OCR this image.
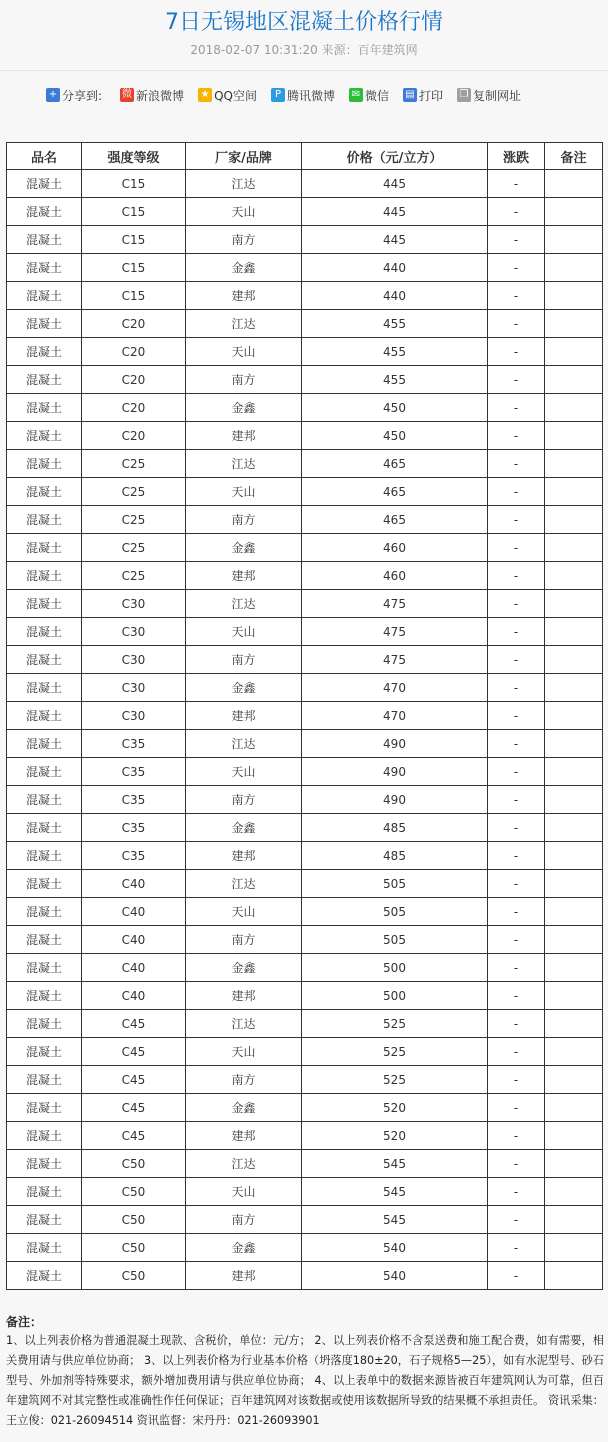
7日无锡地区混凝土价格行情
2018-02-07 10:31:20 来源：百年建筑网
+ 分享到: 微 新浪微博 ★ QQ空间	P 腾讯微博 ✉ 微信 ▤ 打印 ❐ 复制网址
品名	强度等级	厂家/品牌	价格（元/立方）	涨跌	备注
混凝土	C15	江达	445	-	
混凝土	C15	天山	445	-	
混凝土	C15	南方	445	-	
混凝土	C15	金鑫	440	-	
混凝土	C15	建邦	440	-	
混凝土	C20	江达	455	-	
混凝土	C20	天山	455	-	
混凝土	C20	南方	455	-	
混凝土	C20	金鑫	450	-	
混凝土	C20	建邦	450	-	
混凝土	C25	江达	465	-	
混凝土	C25	天山	465	-	
混凝土	C25	南方	465	-	
混凝土	C25	金鑫	460	-	
混凝土	C25	建邦	460	-	
混凝土	C30	江达	475	-	
混凝土	C30	天山	475	-	
混凝土	C30	南方	475	-	
混凝土	C30	金鑫	470	-	
混凝土	C30	建邦	470	-	
混凝土	C35	江达	490	-	
混凝土	C35	天山	490	-	
混凝土	C35	南方	490	-	
混凝土	C35	金鑫	485	-	
混凝土	C35	建邦	485	-	
混凝土	C40	江达	505	-	
混凝土	C40	天山	505	-	
混凝土	C40	南方	505	-	
混凝土	C40	金鑫	500	-	
混凝土	C40	建邦	500	-	
混凝土	C45	江达	525	-	
混凝土	C45	天山	525	-	
混凝土	C45	南方	525	-	
混凝土	C45	金鑫	520	-	
混凝土	C45	建邦	520	-	
混凝土	C50	江达	545	-	
混凝土	C50	天山	545	-	
混凝土	C50	南方	545	-	
混凝土	C50	金鑫	540	-	
混凝土	C50	建邦	540	-	
备注：

1、以上列表价格为普通混凝土现款、含税价，单位：元/方； 2、以上列表价格不含泵送费和施工配合费，如有需要，相关费用请与供应单位协商； 3、以上列表价格为行业基本价格（坍落度180±20，石子规格5—25），如有水泥型号、砂石型号、外加剂等特殊要求，额外增加费用请与供应单位协商； 4、以上表单中的数据来源皆被百年建筑网认为可靠，但百年建筑网不对其完整性或准确性作任何保证；百年建筑网对该数据或使用该数据所导致的结果概不承担责任。 资讯采集：王立俊：021-26094514 资讯监督：宋丹丹：021-26093901
